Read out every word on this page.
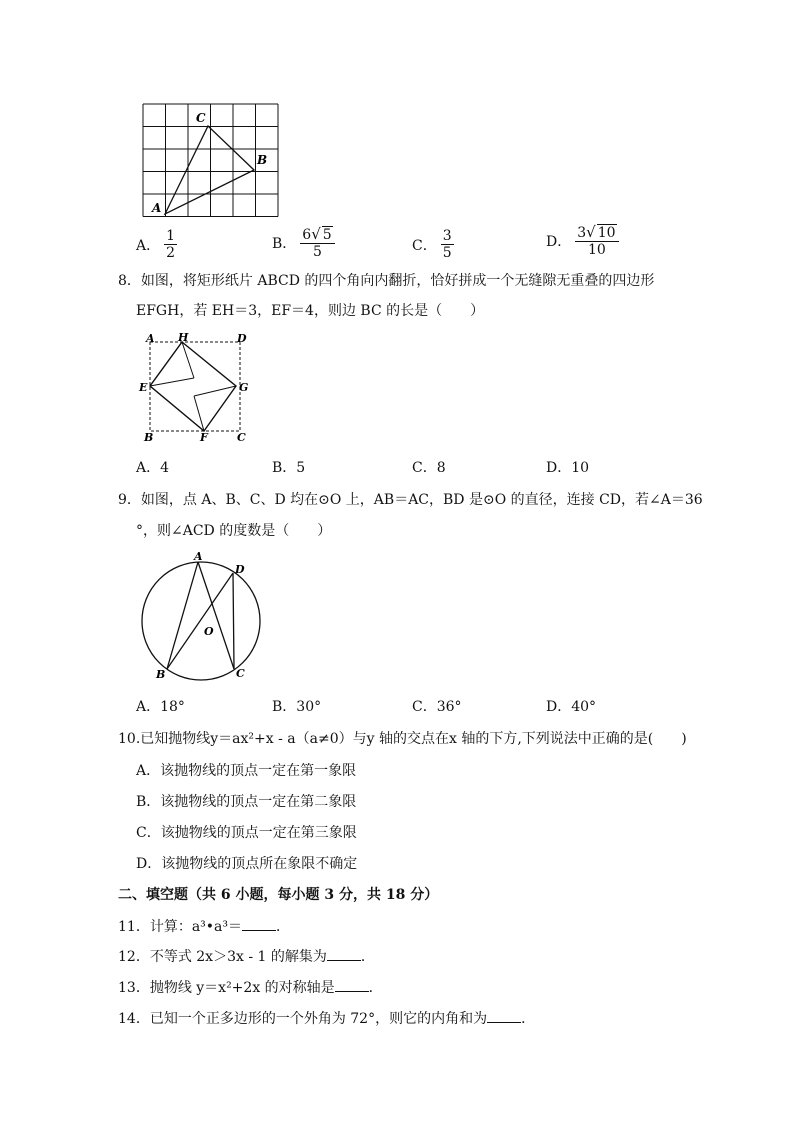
A
C
B
A． $\frac{1}{2}$	B． $\frac{6√ 5}{5}$	C． $\frac{3}{5}$	D． $\frac{3√ 10}{10}$
8．如图，将矩形纸片 ABCD 的四个角向内翻折，恰好拼成一个无缝隙无重叠的四边形
EFGH，若 EH＝3，EF＝4，则边 BC 的长是（　　）
A H	D
E	G
B	F	C
A．4	B．5	C．8	D．10
9．如图，点 A、B、C、D 均在⊙O 上，AB＝AC，BD 是⊙O 的直径，连接 CD，若∠A＝36
°，则∠ACD 的度数是（　　）
A
D
O
B	C
A．18°	B．30°	C．36°	D．40°
10.已知抛物线y＝ax²+x - a（a≠0）与y 轴的交点在x 轴的下方,下列说法中正确的是(　　)
A．该抛物线的顶点一定在第一象限
B．该抛物线的顶点一定在第二象限
C．该抛物线的顶点一定在第三象限
D．该抛物线的顶点所在象限不确定
二、填空题（共 6 小题，每小题 3 分，共 18 分）
11．计算：a³•a³＝ ．
12．不等式 2x＞3x - 1 的解集为 ．
13．抛物线 y＝x²+2x 的对称轴是 ．
14．已知一个正多边形的一个外角为 72°，则它的内角和为 ．
